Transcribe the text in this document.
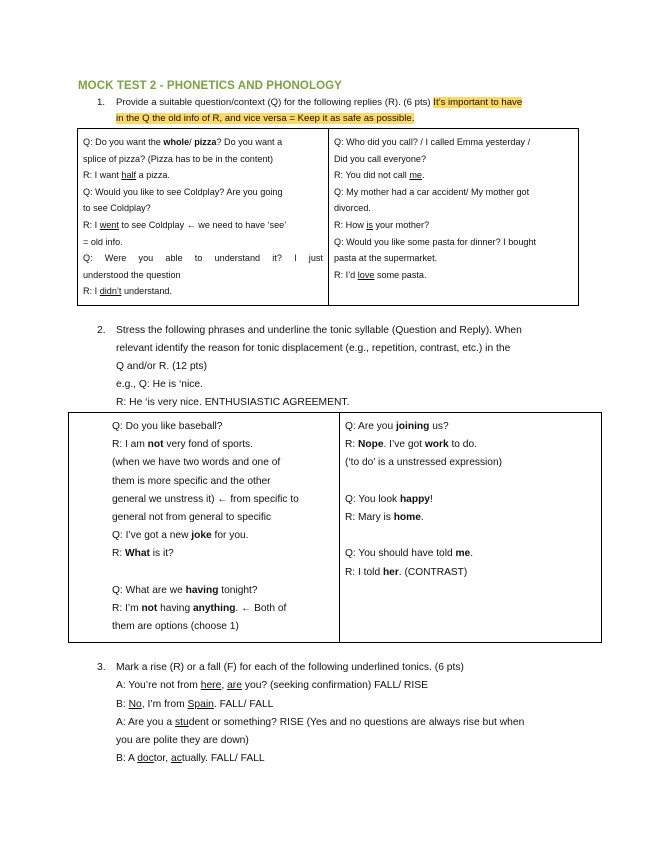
MOCK TEST 2 - PHONETICS AND PHONOLOGY
1. Provide a suitable question/context (Q) for the following replies (R). (6 pts) It’s important to have
in the Q the old info of R, and vice versa = Keep it as safe as possible.
Q: Do you want the whole/ pizza? Do you want a
splice of pizza? (Pizza has to be in the content)
R: I want half a pizza.
Q: Would you like to see Coldplay? Are you going
to see Coldplay?
R: I went to see Coldplay ← we need to have ‘see’
= old info.
Q: Were you able to understand it? I just
understood the question
R: I didn’t understand.
Q: Who did you call? / I called Emma yesterday /
Did you call everyone?
R: You did not call me.
Q: My mother had a car accident/ My mother got
divorced.
R: How is your mother?
Q: Would you like some pasta for dinner? I bought
pasta at the supermarket.
R: I’d love some pasta.
2. Stress the following phrases and underline the tonic syllable (Question and Reply). When
relevant identify the reason for tonic displacement (e.g., repetition, contrast, etc.) in the
Q and/or R. (12 pts)
e.g., Q: He is ‘nice.
R: He ‘is very nice. ENTHUSIASTIC AGREEMENT.
Q: Do you like baseball?
R: I am not very fond of sports.
(when we have two words and one of
them is more specific and the other
general we unstress it) ← from specific to
general not from general to specific
Q: I’ve got a new joke for you.
R: What is it?
Q: What are we having tonight?
R: I’m not having anything. ← Both of
them are options (choose 1)
Q: Are you joining us?
R: Nope. I’ve got work to do.
(‘to do’ is a unstressed expression)
Q: You look happy!
R: Mary is home.
Q: You should have told me.
R: I told her. (CONTRAST)
3. Mark a rise (R) or a fall (F) for each of the following underlined tonics. (6 pts)
A: You’re not from here, are you? (seeking confirmation) FALL/ RISE
B: No, I’m from Spain. FALL/ FALL
A: Are you a student or something? RISE (Yes and no questions are always rise but when
you are polite they are down)
B: A doctor, actually. FALL/ FALL
